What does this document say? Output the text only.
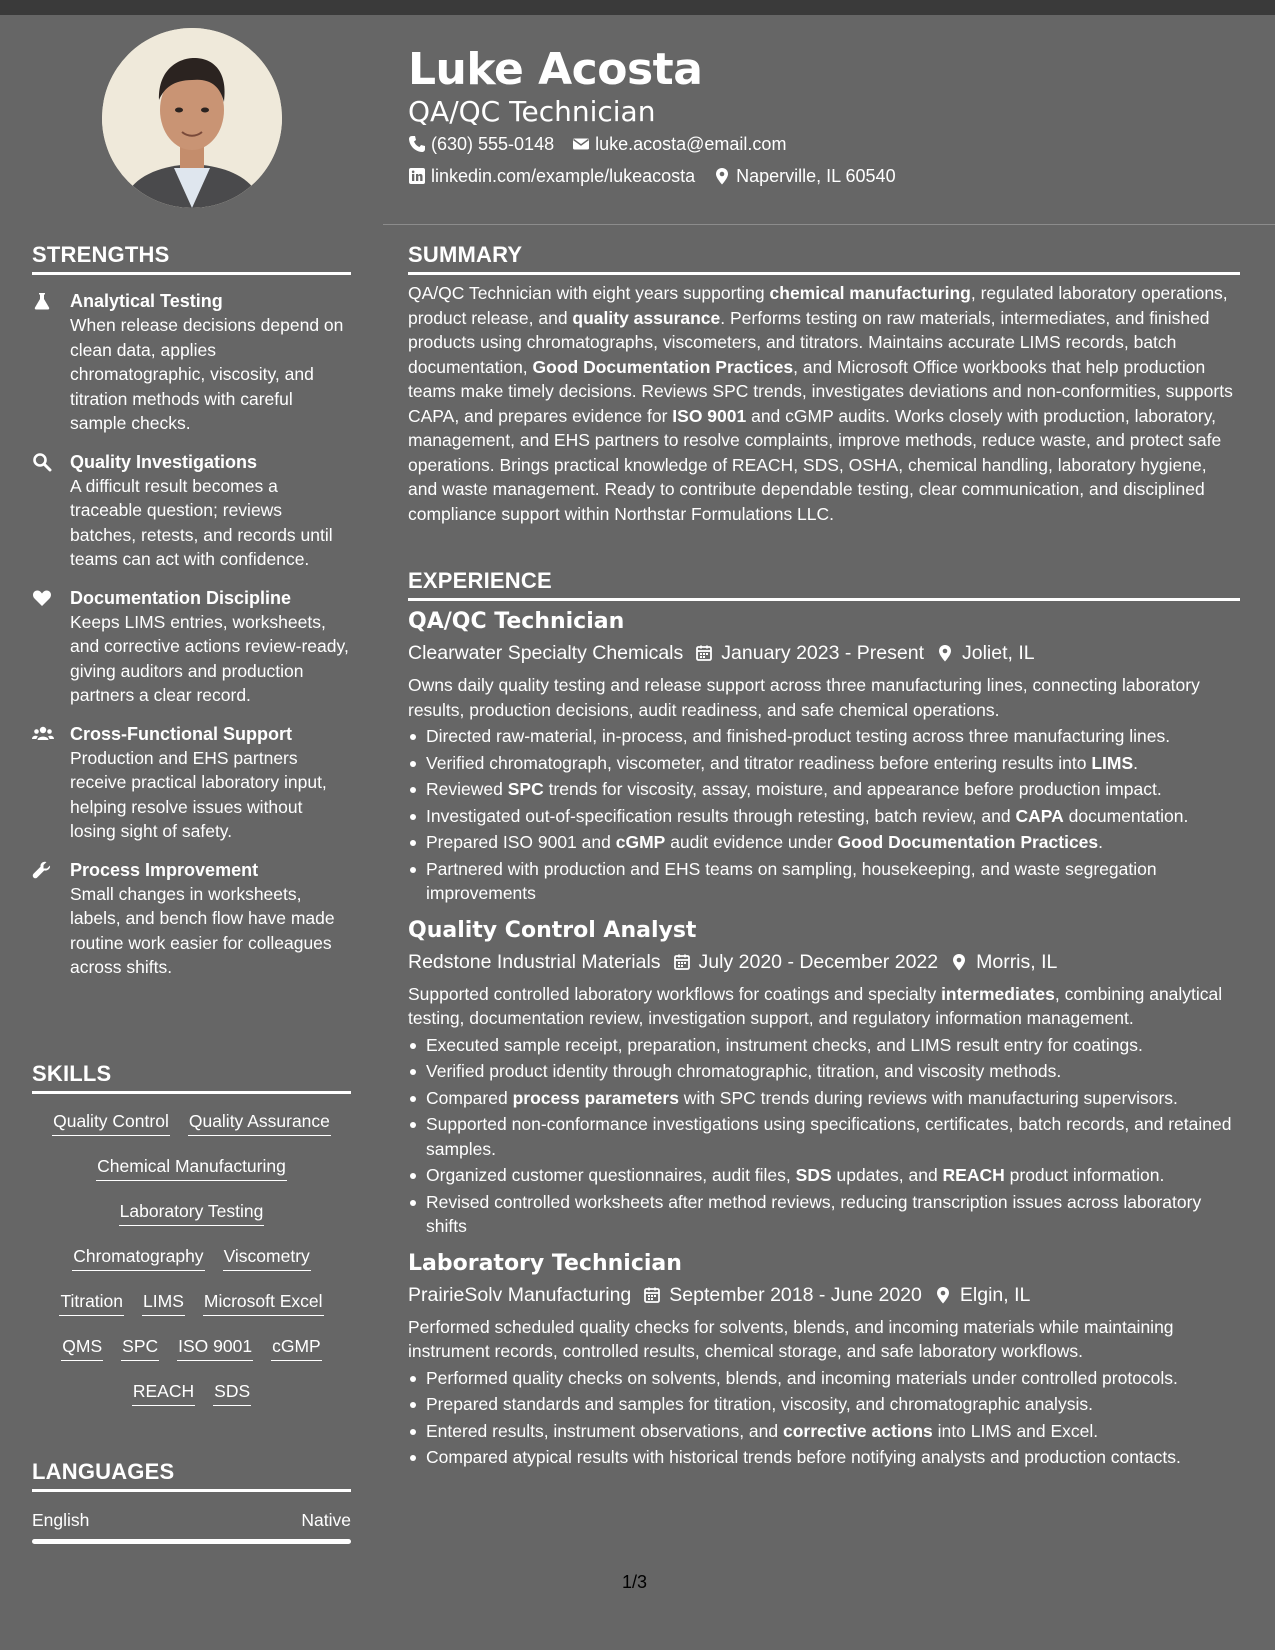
STRENGTHS
Analytical Testing
When release decisions depend on clean data, applies chromatographic, viscosity, and titration methods with careful sample checks.
Quality Investigations
A difficult result becomes a traceable question; reviews batches, retests, and records until teams can act with confidence.
Documentation Discipline
Keeps LIMS entries, worksheets, and corrective actions review-ready, giving auditors and production partners a clear record.
Cross-Functional Support
Production and EHS partners receive practical laboratory input, helping resolve issues without losing sight of safety.
Process Improvement
Small changes in worksheets, labels, and bench flow have made routine work easier for colleagues across shifts.
SKILLS
Quality Control Quality Assurance
Chemical Manufacturing
Laboratory Testing
Chromatography Viscometry
Titration LIMS Microsoft Excel
QMS SPC ISO 9001 cGMP
REACH SDS
LANGUAGES
English	Native
Luke Acosta
QA/QC Technician
(630) 555-0148 luke.acosta@email.com
linkedin.com/example/lukeacosta Naperville, IL 60540
SUMMARY
QA/QC Technician with eight years supporting chemical manufacturing, regulated laboratory operations, product release, and quality assurance. Performs testing on raw materials, intermediates, and finished products using chromatographs, viscometers, and titrators. Maintains accurate LIMS records, batch documentation, Good Documentation Practices, and Microsoft Office workbooks that help production teams make timely decisions. Reviews SPC trends, investigates deviations and non-conformities, supports CAPA, and prepares evidence for ISO 9001 and cGMP audits. Works closely with production, laboratory, management, and EHS partners to resolve complaints, improve methods, reduce waste, and protect safe operations. Brings practical knowledge of REACH, SDS, OSHA, chemical handling, laboratory hygiene, and waste management. Ready to contribute dependable testing, clear communication, and disciplined compliance support within Northstar Formulations LLC.
EXPERIENCE
QA/QC Technician
Clearwater Specialty Chemicals January 2023 - Present Joliet, IL
Owns daily quality testing and release support across three manufacturing lines, connecting laboratory results, production decisions, audit readiness, and safe chemical operations.
Directed raw-material, in-process, and finished-product testing across three manufacturing lines.
Verified chromatograph, viscometer, and titrator readiness before entering results into LIMS.
Reviewed SPC trends for viscosity, assay, moisture, and appearance before production impact.
Investigated out-of-specification results through retesting, batch review, and CAPA documentation.
Prepared ISO 9001 and cGMP audit evidence under Good Documentation Practices.
Partnered with production and EHS teams on sampling, housekeeping, and waste segregation improvements
Quality Control Analyst
Redstone Industrial Materials July 2020 - December 2022 Morris, IL
Supported controlled laboratory workflows for coatings and specialty intermediates, combining analytical testing, documentation review, investigation support, and regulatory information management.
Executed sample receipt, preparation, instrument checks, and LIMS result entry for coatings.
Verified product identity through chromatographic, titration, and viscosity methods.
Compared process parameters with SPC trends during reviews with manufacturing supervisors.
Supported non-conformance investigations using specifications, certificates, batch records, and retained samples.
Organized customer questionnaires, audit files, SDS updates, and REACH product information.
Revised controlled worksheets after method reviews, reducing transcription issues across laboratory shifts
Laboratory Technician
PrairieSolv Manufacturing September 2018 - June 2020 Elgin, IL
Performed scheduled quality checks for solvents, blends, and incoming materials while maintaining instrument records, controlled results, chemical storage, and safe laboratory workflows.
Performed quality checks on solvents, blends, and incoming materials under controlled protocols.
Prepared standards and samples for titration, viscosity, and chromatographic analysis.
Entered results, instrument observations, and corrective actions into LIMS and Excel.
Compared atypical results with historical trends before notifying analysts and production contacts.
1/3
